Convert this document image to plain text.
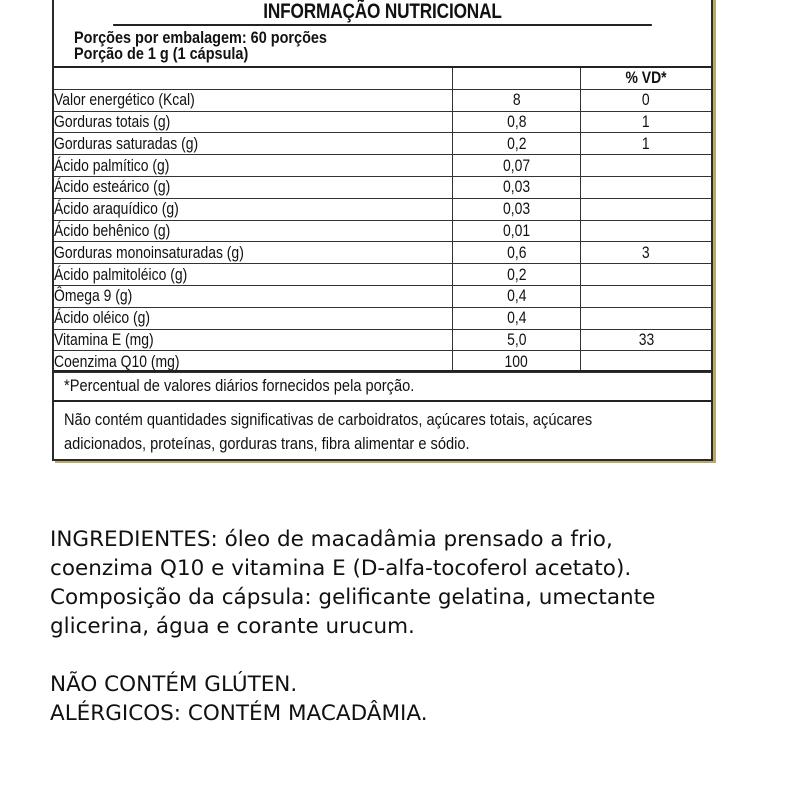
INFORMAÇÃO NUTRICIONAL
Porções por embalagem: 60 porções
Porção de 1 g (1 cápsula)
		% VD*
Valor energético (Kcal)	8	0
Gorduras totais (g)	0,8	1
Gorduras saturadas (g)	0,2	1
Ácido palmítico (g)	0,07	
Ácido esteárico (g)	0,03	
Ácido araquídico (g)	0,03	
Ácido behênico (g)	0,01	
Gorduras monoinsaturadas (g)	0,6	3
Ácido palmitoléico (g)	0,2	
Ômega 9 (g)	0,4	
Ácido oléico (g)	0,4	
Vitamina E (mg)	5,0	33
Coenzima Q10 (mg)	100	
*Percentual de valores diários fornecidos pela porção.
Não contém quantidades significativas de carboidratos, açúcares totais, açúcares
adicionados, proteínas, gorduras trans, fibra alimentar e sódio.
INGREDIENTES: óleo de macadâmia prensado a frio,
coenzima Q10 e vitamina E (D-alfa-tocoferol acetato).
Composição da cápsula: gelificante gelatina, umectante
glicerina, água e corante urucum.
NÃO CONTÉM GLÚTEN.
ALÉRGICOS: CONTÉM MACADÂMIA.
